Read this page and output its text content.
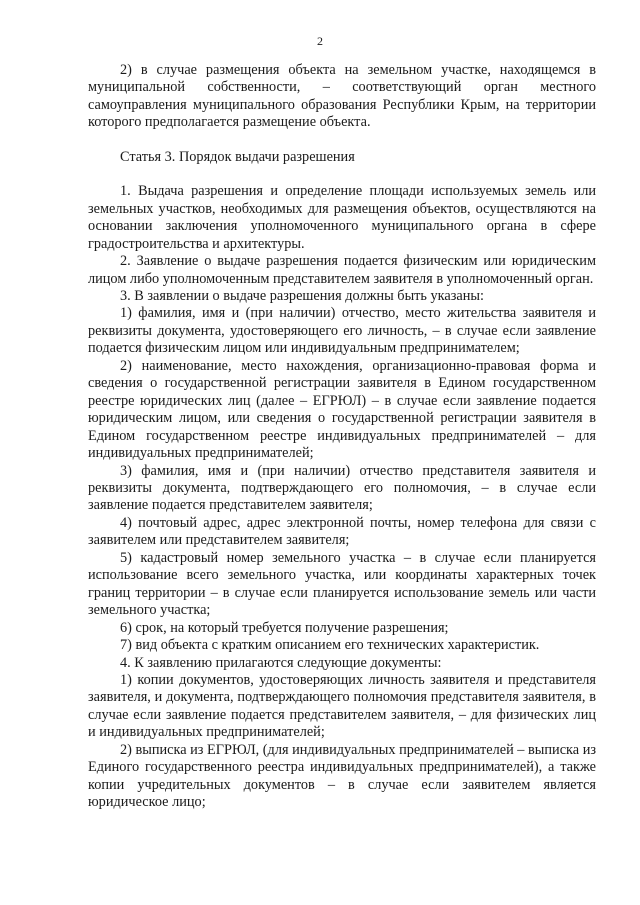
2

2) в случае размещения объекта на земельном участке, находящемся в муниципальной собственности, – соответствующий орган местного самоуправления муниципального образования Республики Крым, на территории которого предполагается размещение объекта.

Статья 3. Порядок выдачи разрешения

1. Выдача разрешения и определение площади используемых земель или земельных участков, необходимых для размещения объектов, осуществляются на основании заключения уполномоченного муниципального органа в сфере градостроительства и архитектуры.

2. Заявление о выдаче разрешения подается физическим или юридическим лицом либо уполномоченным представителем заявителя в уполномоченный орган.

3. В заявлении о выдаче разрешения должны быть указаны:

1) фамилия, имя и (при наличии) отчество, место жительства заявителя и реквизиты документа, удостоверяющего его личность, – в случае если заявление подается физическим лицом или индивидуальным предпринимателем;

2) наименование, место нахождения, организационно-правовая форма и сведения о государственной регистрации заявителя в Едином государственном реестре юридических лиц (далее – ЕГРЮЛ) – в случае если заявление подается юридическим лицом, или сведения о государственной регистрации заявителя в Едином государственном реестре индивидуальных предпринимателей – для индивидуальных предпринимателей;

3) фамилия, имя и (при наличии) отчество представителя заявителя и реквизиты документа, подтверждающего его полномочия, – в случае если заявление подается представителем заявителя;

4) почтовый адрес, адрес электронной почты, номер телефона для связи с заявителем или представителем заявителя;

5) кадастровый номер земельного участка – в случае если планируется использование всего земельного участка, или координаты характерных точек границ территории – в случае если планируется использование земель или части земельного участка;

6) срок, на который требуется получение разрешения;

7) вид объекта с кратким описанием его технических характеристик.

4. К заявлению прилагаются следующие документы:

1) копии документов, удостоверяющих личность заявителя и представителя заявителя, и документа, подтверждающего полномочия представителя заявителя, в случае если заявление подается представителем заявителя, – для физических лиц и индивидуальных предпринимателей;

2) выписка из ЕГРЮЛ, (для индивидуальных предпринимателей – выписка из Единого государственного реестра индивидуальных предпринимателей), а также копии учредительных документов – в случае если заявителем является юридическое лицо;
